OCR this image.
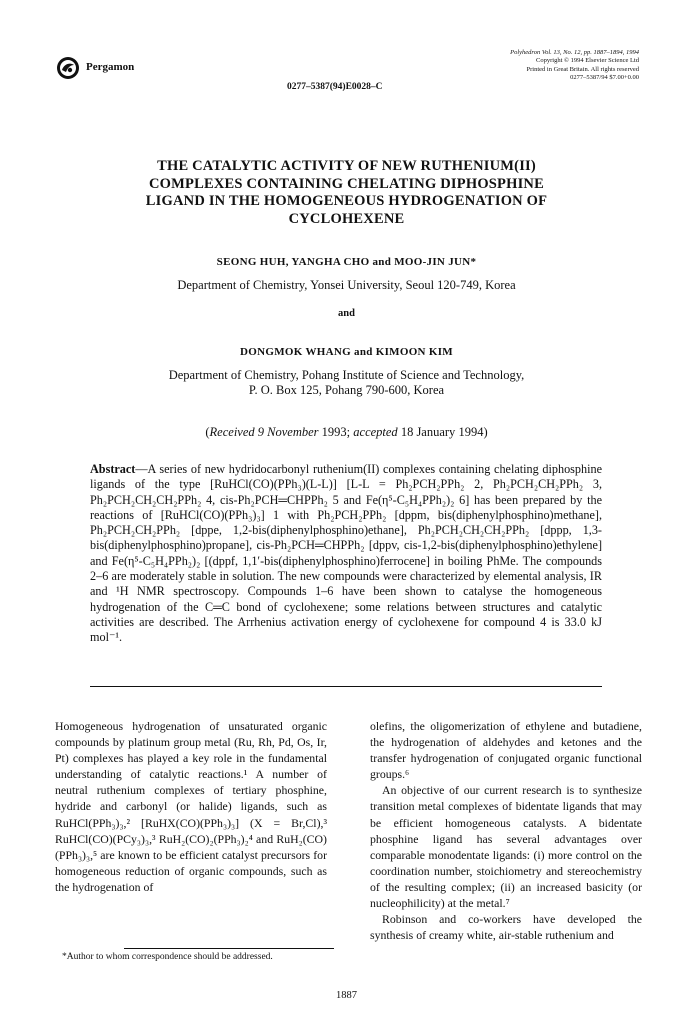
Pergamon
Polyhedron Vol. 13, No. 12, pp. 1887–1894, 1994
Copyright © 1994 Elsevier Science Ltd
Printed in Great Britain. All rights reserved
0277–5387/94 $7.00+0.00
0277–5387(94)E0028–C
THE CATALYTIC ACTIVITY OF NEW RUTHENIUM(II)
COMPLEXES CONTAINING CHELATING DIPHOSPHINE
LIGAND IN THE HOMOGENEOUS HYDROGENATION OF
CYCLOHEXENE
SEONG HUH, YANGHA CHO and MOO-JIN JUN*
Department of Chemistry, Yonsei University, Seoul 120-749, Korea
and
DONGMOK WHANG and KIMOON KIM
Department of Chemistry, Pohang Institute of Science and Technology,
P. O. Box 125, Pohang 790-600, Korea
(Received 9 November 1993; accepted 18 January 1994)
Abstract—A series of new hydridocarbonyl ruthenium(II) complexes containing chelating diphosphine ligands of the type [RuHCl(CO)(PPh₃)(L-L)] [L-L = Ph₂PCH₂PPh₂ 2, Ph₂PCH₂CH₂PPh₂ 3, Ph₂PCH₂CH₂CH₂PPh₂ 4, cis-Ph₂PCH═CHPPh₂ 5 and Fe(η⁵-C₅H₄PPh₂)₂ 6] has been prepared by the reactions of [RuHCl(CO)(PPh₃)₃] 1 with Ph₂PCH₂PPh₂ [dppm, bis(diphenylphosphino)methane], Ph₂PCH₂CH₂PPh₂ [dppe, 1,2-bis(diphenylphosphino)ethane], Ph₂PCH₂CH₂CH₂PPh₂ [dppp, 1,3-bis(diphenylphosphino)propane], cis-Ph₂PCH═CHPPh₂ [dppv, cis-1,2-bis(diphenylphosphino)ethylene] and Fe(η⁵-C₅H₄PPh₂)₂ [(dppf, 1,1′-bis(diphenylphosphino)ferrocene] in boiling PhMe. The compounds 2–6 are moderately stable in solution. The new compounds were characterized by elemental analysis, IR and ¹H NMR spectroscopy. Compounds 1–6 have been shown to catalyse the homogeneous hydrogenation of the C═C bond of cyclohexene; some relations between structures and catalytic activities are described. The Arrhenius activation energy of cyclohexene for compound 4 is 33.0 kJ mol⁻¹.

Homogeneous hydrogenation of unsaturated organic compounds by platinum group metal (Ru, Rh, Pd, Os, Ir, Pt) complexes has played a key role in the fundamental understanding of catalytic reactions.¹ A number of neutral ruthenium complexes of tertiary phosphine, hydride and carbonyl (or halide) ligands, such as RuHCl(PPh₃)₃,² [RuHX(CO)(PPh₃)₃] (X = Br,Cl),³ RuHCl(CO)(PCy₃)₃,³ RuH₂(CO)₂(PPh₃)₂⁴ and RuH₂(CO)(PPh₃)₃,⁵ are known to be efficient catalyst precursors for homogeneous reduction of organic compounds, such as the hydrogenation of

olefins, the oligomerization of ethylene and butadiene, the hydrogenation of aldehydes and ketones and the transfer hydrogenation of conjugated organic functional groups.⁶

An objective of our current research is to synthesize transition metal complexes of bidentate ligands that may be efficient homogeneous catalysts. A bidentate phosphine ligand has several advantages over comparable monodentate ligands: (i) more control on the coordination number, stoichiometry and stereochemistry of the resulting complex; (ii) an increased basicity (or nucleophilicity) at the metal.⁷

Robinson and co-workers have developed the synthesis of creamy white, air-stable ruthenium and

*Author to whom correspondence should be addressed.
1887
